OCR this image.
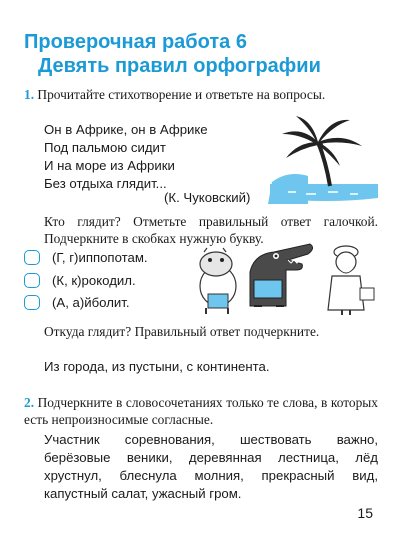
Проверочная работа 6
Девять правил орфографии
1. Прочитайте стихотворение и ответьте на вопросы.
Он в Африке, он в Африке
Под пальмою сидит
И на море из Африки
Без отдыха глядит...
(К. Чуковский)
Кто глядит? Отметьте правильный ответ галочкой. Подчеркните в скобках нужную букву.
(Г, г)иппопотам.
(К, к)рокодил.
(А, а)йболит.
Откуда глядит? Правильный ответ подчеркните.
Из города, из пустыни, с континента.
2. Подчеркните в словосочетаниях только те слова, в которых есть непроизносимые согласные.
Участник соревнования, шествовать важно, берёзовые веники, деревянная лестница, лёд хрустнул, блеснула молния, прекрасный вид, капустный салат, ужасный гром.
15
